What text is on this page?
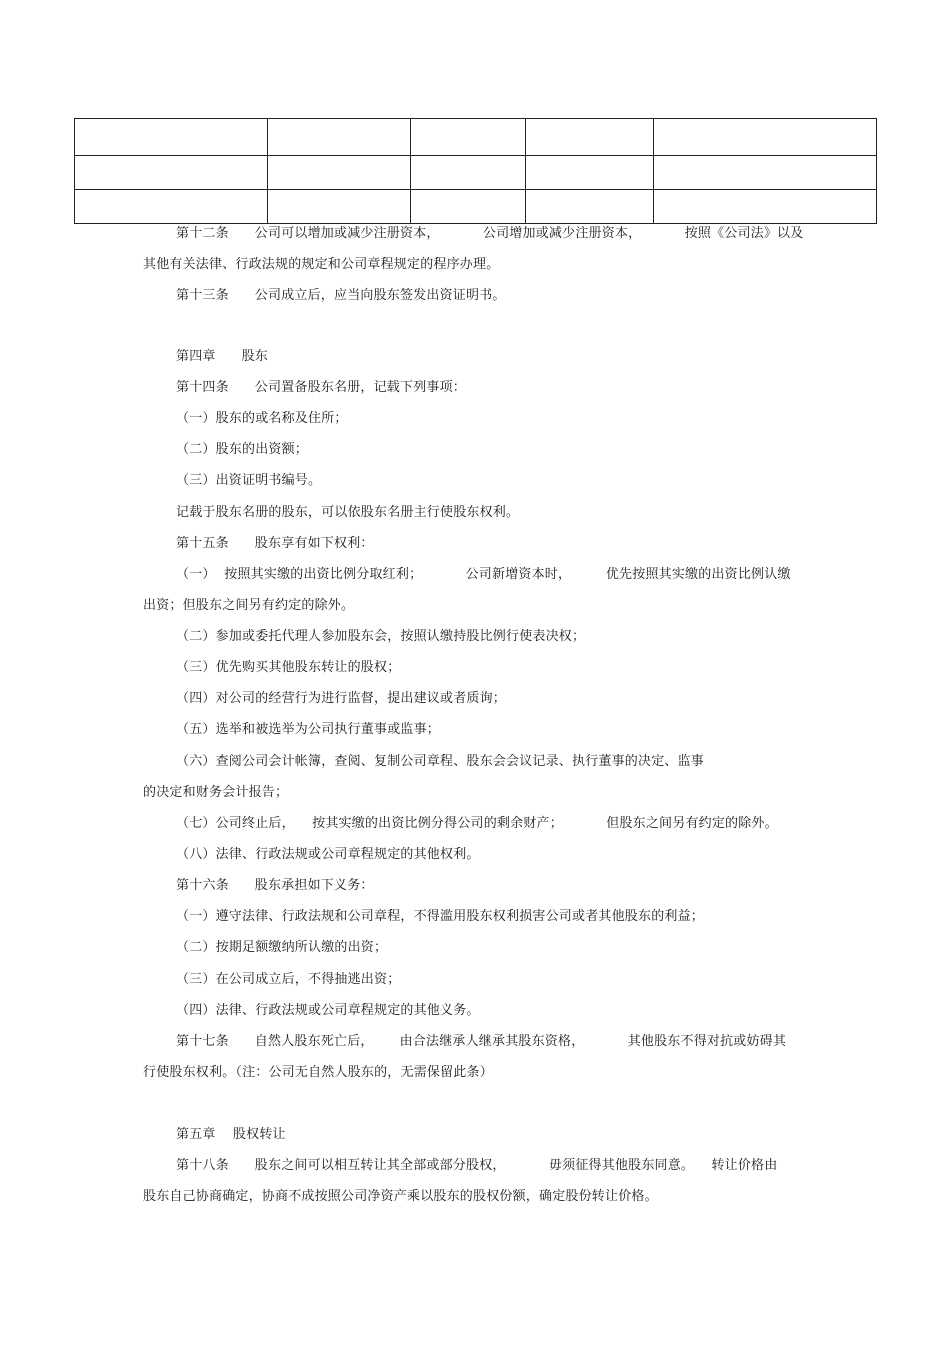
第十二条      公司可以增加或减少注册资本，          公司增加或减少注册资本，          按照《公司法》以及
其他有关法律、行政法规的规定和公司章程规定的程序办理。
第十三条      公司成立后，应当向股东签发出资证明书。
第四章      股东
第十四条      公司置备股东名册，记载下列事项：
（一）股东的或名称及住所；
（二）股东的出资额；
（三）出资证明书编号。
记载于股东名册的股东，可以依股东名册主行使股东权利。
第十五条      股东享有如下权利：
（一）  按照其实缴的出资比例分取红利；          公司新增资本时，        优先按照其实缴的出资比例认缴
出资；但股东之间另有约定的除外。
（二）参加或委托代理人参加股东会，按照认缴持股比例行使表决权；
（三）优先购买其他股东转让的股权；
（四）对公司的经营行为进行监督，提出建议或者质询；
（五）选举和被选举为公司执行董事或监事；
（六）查阅公司会计帐簿，查阅、复制公司章程、股东会会议记录、执行董事的决定、监事
的决定和财务会计报告；
（七）公司终止后，    按其实缴的出资比例分得公司的剩余财产；          但股东之间另有约定的除外。
（八）法律、行政法规或公司章程规定的其他权利。
第十六条      股东承担如下义务：
（一）遵守法律、行政法规和公司章程，不得滥用股东权利损害公司或者其他股东的利益；
（二）按期足额缴纳所认缴的出资；
（三）在公司成立后，不得抽逃出资；
（四）法律、行政法规或公司章程规定的其他义务。
第十七条      自然人股东死亡后，      由合法继承人继承其股东资格，          其他股东不得对抗或妨碍其
行使股东权利。（注：公司无自然人股东的，无需保留此条）
第五章    股权转让
第十八条      股东之间可以相互转让其全部或部分股权，          毋须征得其他股东同意。    转让价格由
股东自己协商确定，协商不成按照公司净资产乘以股东的股权份额，确定股份转让价格。
